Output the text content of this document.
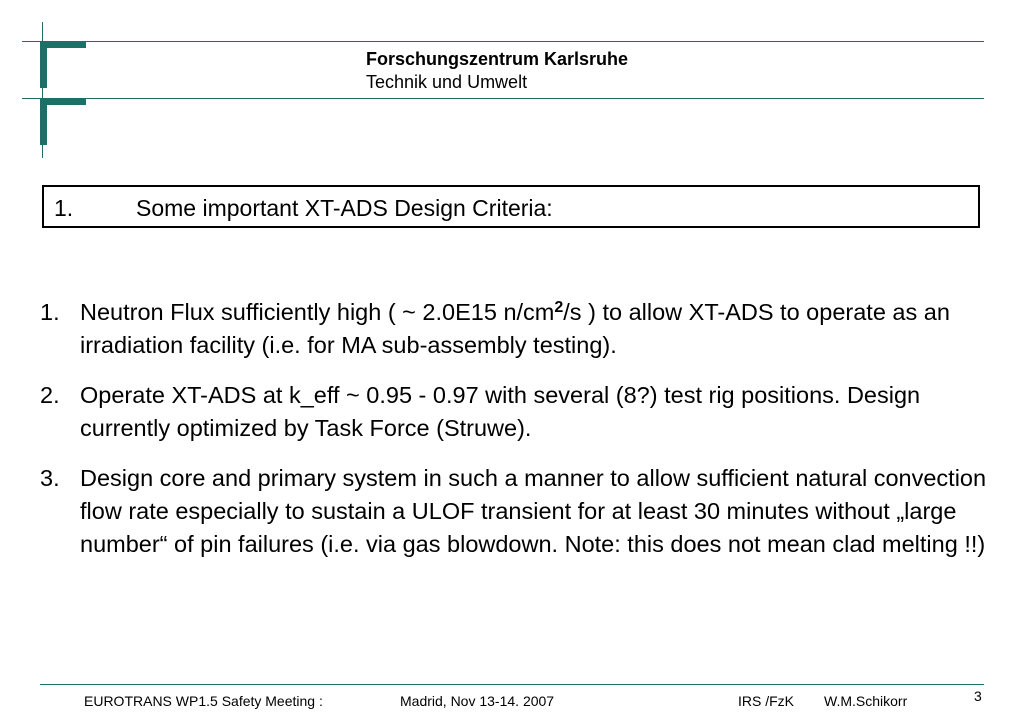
Forschungszentrum Karlsruhe
Technik und Umwelt
1.	Some important XT-ADS Design Criteria:
1. Neutron Flux sufficiently high ( ~ 2.0E15 $n/cm^2/s$ ) to allow XT-ADS to operate as an irradiation facility (i.e. for MA sub-assembly testing).
2. Operate XT-ADS at k_eff ~ 0.95 - 0.97 with several (8?) test rig positions. Design currently optimized by Task Force (Struwe).
3. Design core and primary system in such a manner to allow sufficient natural convection flow rate especially to sustain a ULOF transient for at least 30 minutes without „large number“ of pin failures (i.e. via gas blowdown. Note: this does not mean clad melting !!)
EUROTRANS WP1.5 Safety Meeting :	Madrid, Nov 13-14. 2007	IRS /FzK W.M.Schikorr	3
